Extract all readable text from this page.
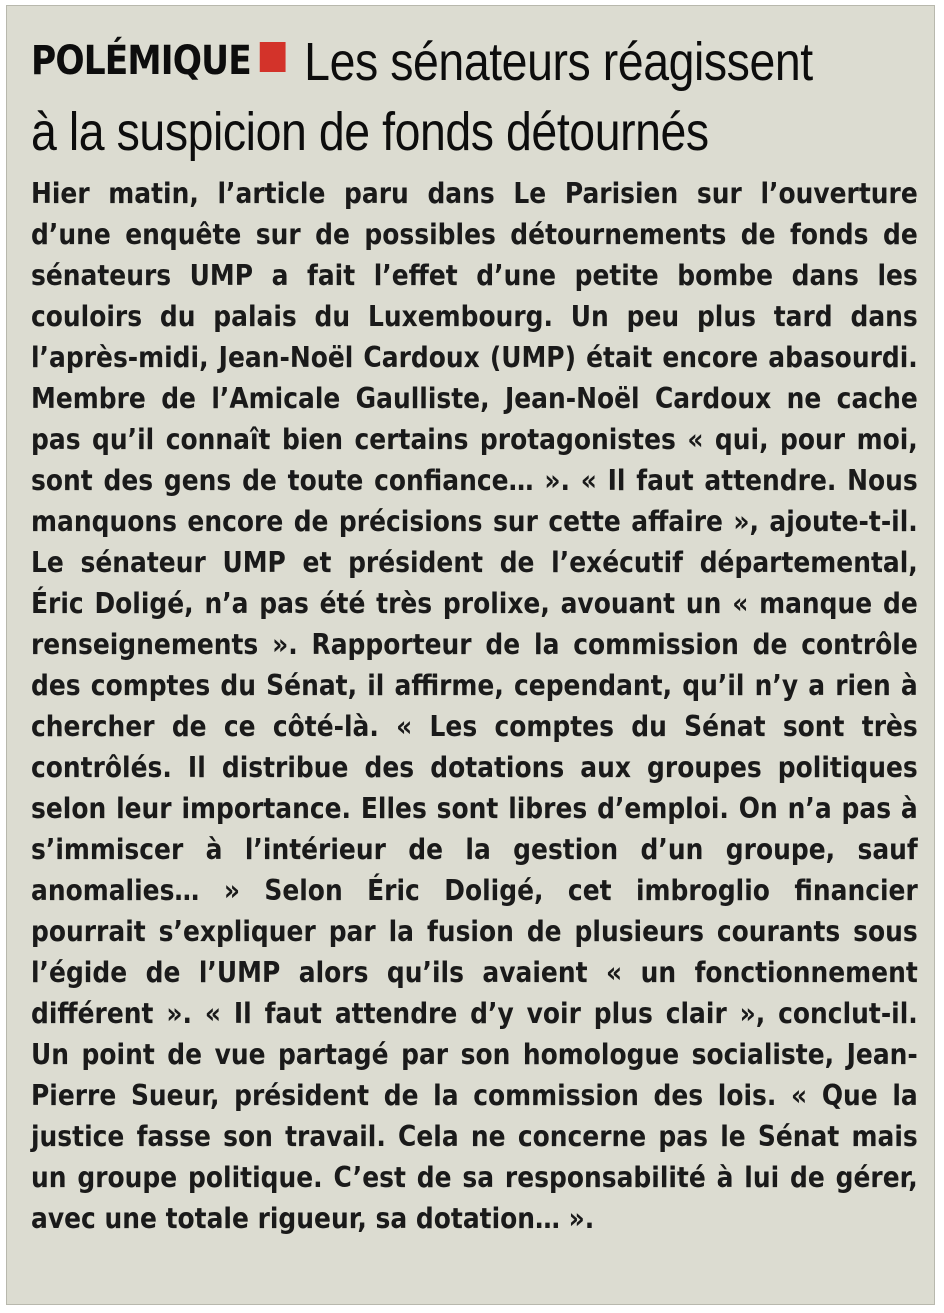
POLÉMIQUE Les sénateurs réagissent
à la suspicion de fonds détournés

Hier matin, l’article paru dans Le Parisien sur l’ouverture d’une enquête sur de possibles détournements de fonds de sénateurs UMP a fait l’effet d’une petite bombe dans les couloirs du palais du Luxembourg. Un peu plus tard dans l’après-midi, Jean-Noël Cardoux (UMP) était encore abasourdi. Membre de l’Amicale Gaulliste, Jean-Noël Cardoux ne cache pas qu’il connaît bien certains protagonistes « qui, pour moi, sont des gens de toute confiance… ». « Il faut attendre. Nous manquons encore de précisions sur cette affaire », ajoute-t-il. Le sénateur UMP et président de l’exécutif départemental, Éric Doligé, n’a pas été très prolixe, avouant un « manque de renseignements ». Rapporteur de la commission de contrôle des comptes du Sénat, il affirme, cependant, qu’il n’y a rien à chercher de ce côté-là. « Les comptes du Sénat sont très contrôlés. Il distribue des dotations aux groupes politiques selon leur importance. Elles sont libres d’emploi. On n’a pas à s’immiscer à l’intérieur de la gestion d’un groupe, sauf anomalies… » Selon Éric Doligé, cet imbroglio financier pourrait s’expliquer par la fusion de plusieurs courants sous l’égide de l’UMP alors qu’ils avaient « un fonctionnement différent ». « Il faut attendre d’y voir plus clair », conclut-il. Un point de vue partagé par son homologue socialiste, Jean-Pierre Sueur, président de la commission des lois. « Que la justice fasse son travail. Cela ne concerne pas le Sénat mais un groupe politique. C’est de sa responsabilité à lui de gérer, avec une totale rigueur, sa dotation… ».
